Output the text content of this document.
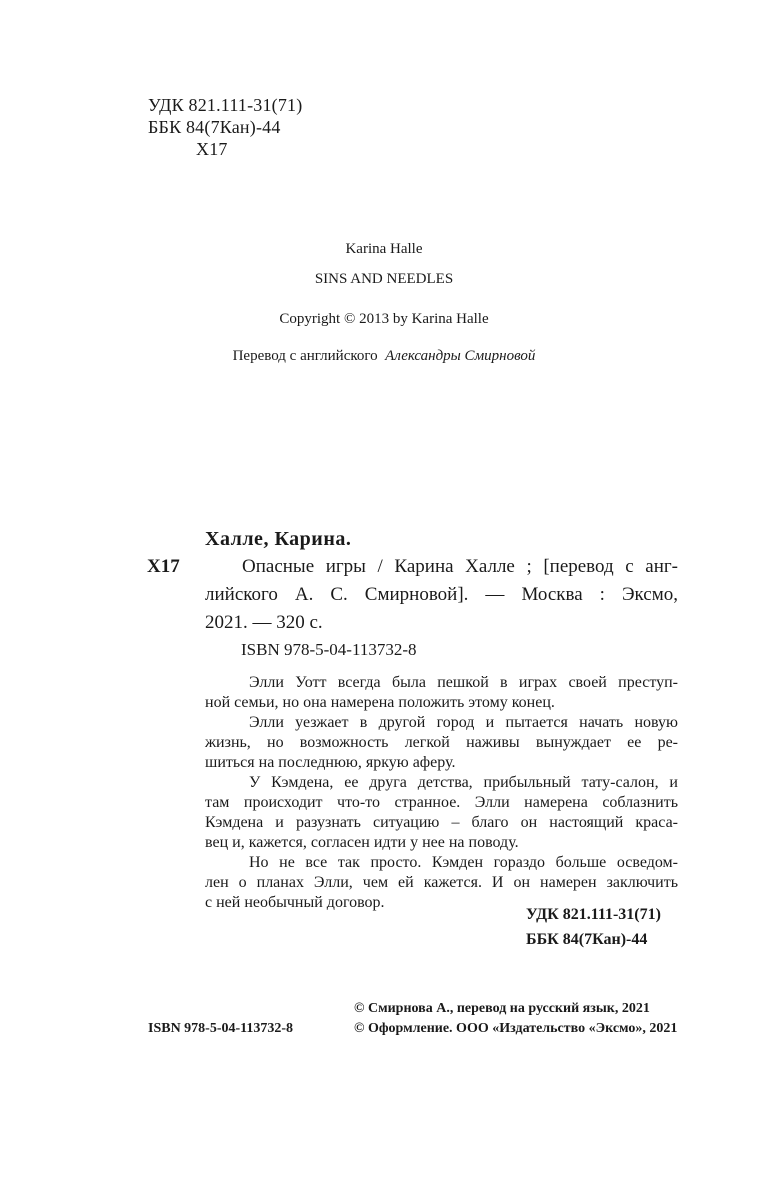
УДК 821.111-31(71)
ББК 84(7Кан)-44
Х17
Karina Halle
SINS AND NEEDLES
Copyright © 2013 by Karina Halle
Перевод с английского Александры Смирновой
Халле, Карина.
Х17	Опасные игры / Карина Халле ; [перевод с анг-
лийского А. С. Смирновой]. — Москва : Эксмо,
2021. — 320 с.
ISBN 978-5-04-113732-8
Элли Уотт всегда была пешкой в играх своей преступ-
ной семьи, но она намерена положить этому конец.
Элли уезжает в другой город и пытается начать новую
жизнь, но возможность легкой наживы вынуждает ее ре-
шиться на последнюю, яркую аферу.
У Кэмдена, ее друга детства, прибыльный тату-салон, и
там происходит что-то странное. Элли намерена соблазнить
Кэмдена и разузнать ситуацию – благо он настоящий краса-
вец и, кажется, согласен идти у нее на поводу.
Но не все так просто. Кэмден гораздо больше осведом-
лен о планах Элли, чем ей кажется. И он намерен заключить
с ней необычный договор.
УДК 821.111-31(71)
ББК 84(7Кан)-44
ISBN 978-5-04-113732-8
© Смирнова А., перевод на русский язык, 2021
© Оформление. ООО «Издательство «Эксмо», 2021
